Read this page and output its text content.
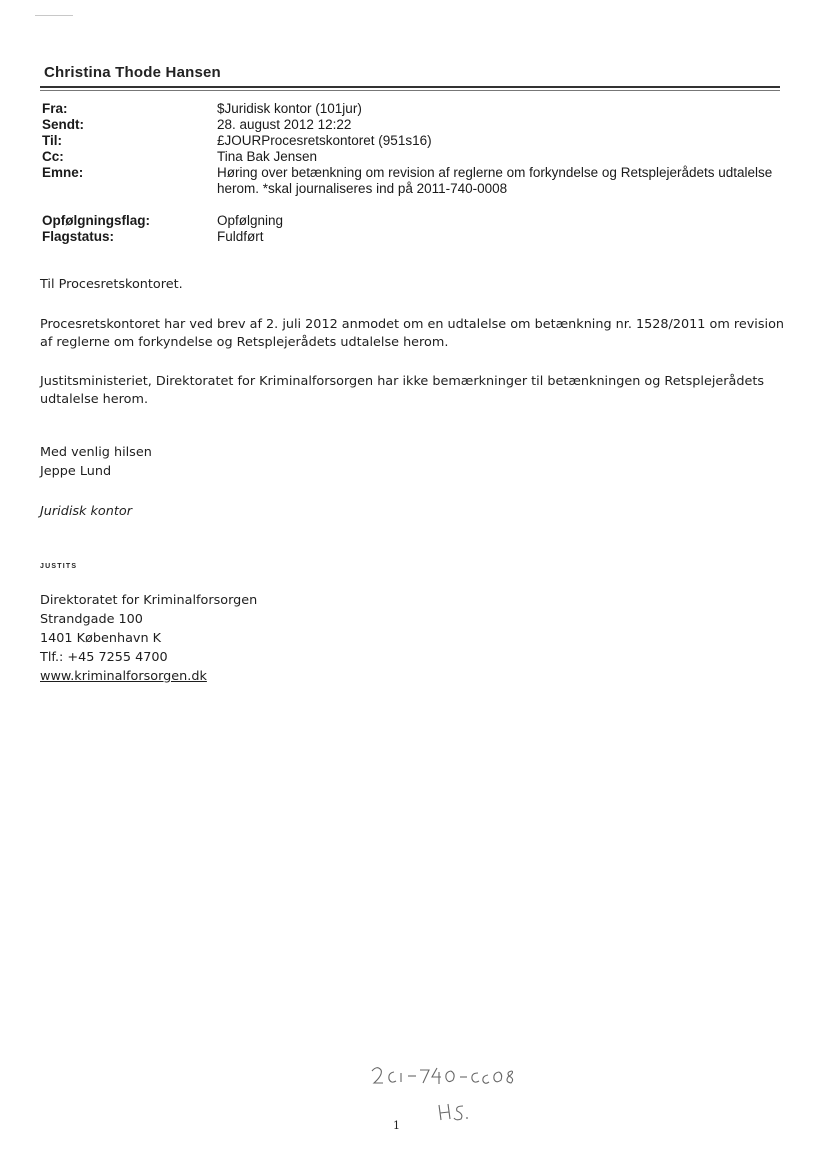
Christina Thode Hansen
Fra:	$Juridisk kontor (101jur)
Sendt:	28. august 2012 12:22
Til:	£JOURProcesretskontoret (951s16)
Cc:	Tina Bak Jensen
Emne:	Høring over betænkning om revision af reglerne om forkyndelse og Retsplejerådets udtalelse herom. *skal journaliseres ind på 2011-740-0008
Opfølgningsflag:	Opfølgning
Flagstatus:	Fuldført
Til Procesretskontoret.

Procesretskontoret har ved brev af 2. juli 2012 anmodet om en udtalelse om betænkning nr. 1528/2011 om revision af reglerne om forkyndelse og Retsplejerådets udtalelse herom.

Justitsministeriet, Direktoratet for Kriminalforsorgen har ikke bemærkninger til betænkningen og Retsplejerådets udtalelse herom.

Med venlig hilsen
Jeppe Lund
Juridisk kontor
JUSTITS
Direktoratet for Kriminalforsorgen
Strandgade 100
1401 København K
Tlf.: +45 7255 4700
www.kriminalforsorgen.dk
1
